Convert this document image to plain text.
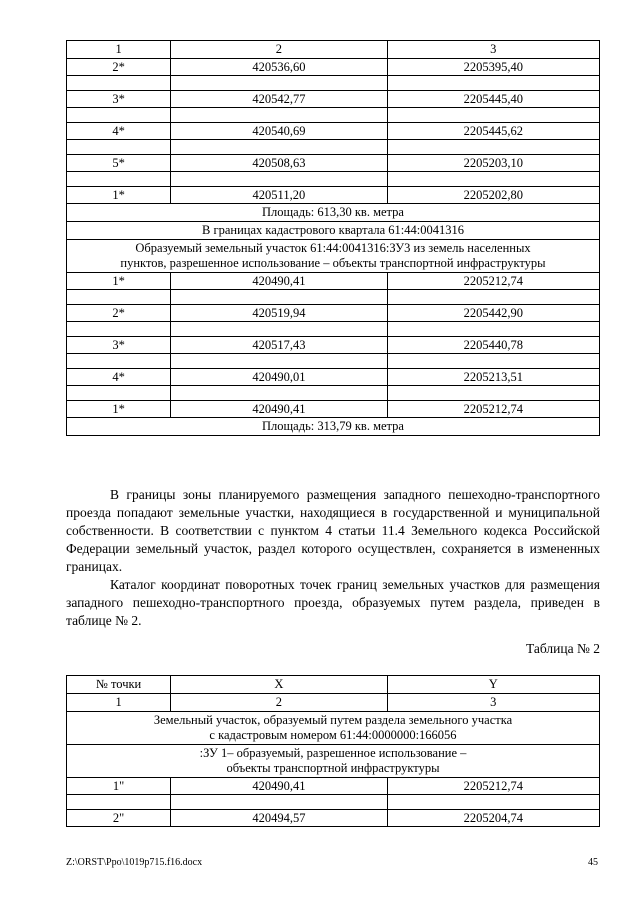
1	2	3
2*	420536,60	2205395,40

3*	420542,77	2205445,40

4*	420540,69	2205445,62

5*	420508,63	2205203,10

1*	420511,20	2205202,80
Площадь: 613,30 кв. метра		
В границах кадастрового квартала 61:44:0041316		

Образуемый земельный участок 61:44:0041316:ЗУ3 из земель населенных
пунктов, разрешенное использование – объекты транспортной инфраструктуры		

1*	420490,41	2205212,74

2*	420519,94	2205442,90

3*	420517,43	2205440,78

4*	420490,01	2205213,51

1*	420490,41	2205212,74
Площадь: 313,79 кв. метра		

В границы зоны планируемого размещения западного пешеходно-транспортного проезда попадают земельные участки, находящиеся в государственной и муниципальной собственности. В соответствии с пунктом 4 статьи 11.4 Земельного кодекса Российской Федерации земельный участок, раздел которого осуществлен, сохраняется в измененных границах.

Каталог координат поворотных точек границ земельных участков для размещения западного пешеходно-транспортного проезда, образуемых путем раздела, приведен в таблице № 2.

Таблица № 2
№ точки	X	Y
1	2	3

Земельный участок, образуемый путем раздела земельного участка
с кадастровым номером 61:44:0000000:166056		

:ЗУ 1– образуемый, разрешенное использование –
объекты транспортной инфраструктуры		

1"	420490,41	2205212,74

2"	420494,57	2205204,74
Z:\ORST\Ppo\1019p715.f16.docx	45
